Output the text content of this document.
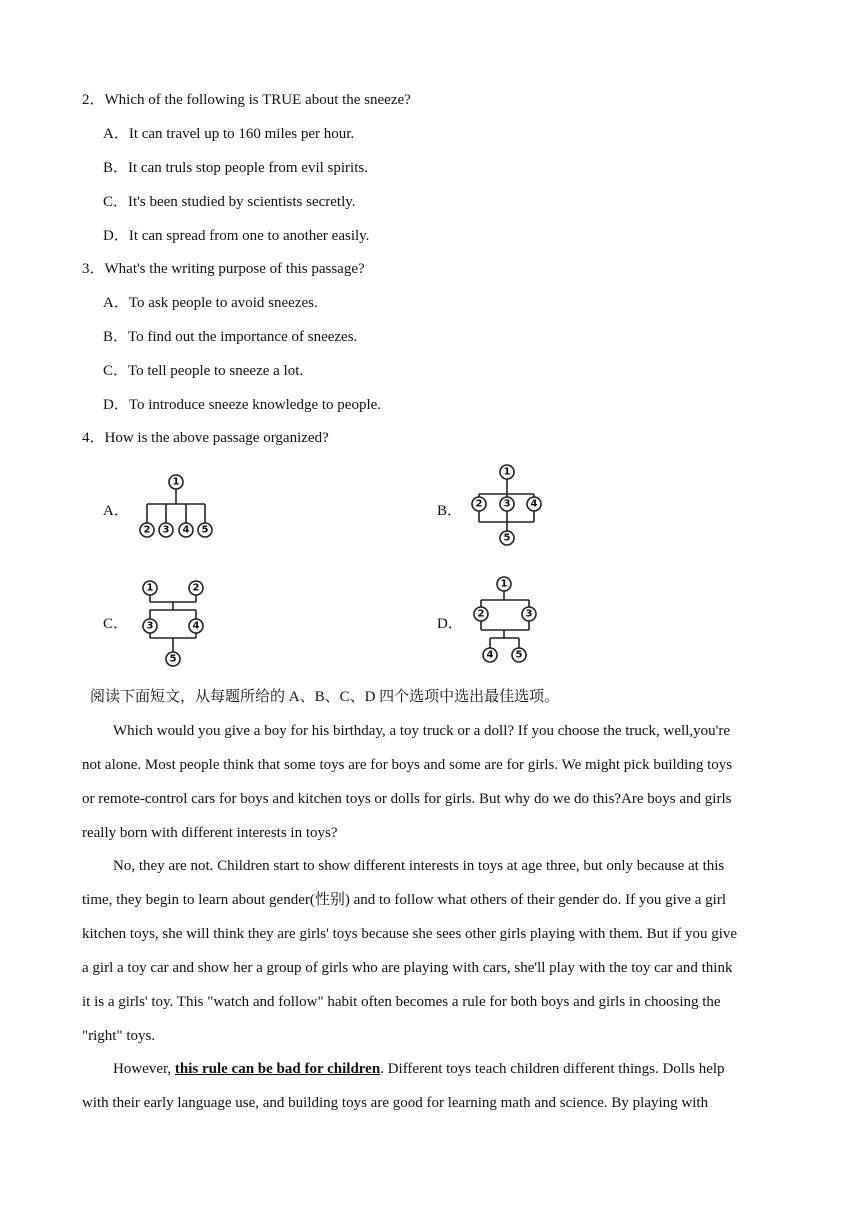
2．Which of the following is TRUE about the sneeze?
A．It can travel up to 160 miles per hour.
B．It can truls stop people from evil spirits.
C．It's been studied by scientists secretly.
D．It can spread from one to another easily.
3．What's the writing purpose of this passage?
A．To ask people to avoid sneezes.
B．To find out the importance of sneezes.
C．To tell people to sneeze a lot.
D．To introduce sneeze knowledge to people.
4．How is the above passage organized?
A．	B．
C．	D．
1
2 3 4 5
1
2 3 4
5
1	2
3	4
5
1
2	3
4 5
阅读下面短文，从每题所给的 A、B、C、D 四个选项中选出最佳选项。
Which would you give a boy for his birthday, a toy truck or a doll? If you choose the truck, well,you're
not alone. Most people think that some toys are for boys and some are for girls. We might pick building toys
or remote-control cars for boys and kitchen toys or dolls for girls. But why do we do this?Are boys and girls
really born with different interests in toys?
No, they are not. Children start to show different interests in toys at age three, but only because at this
time, they begin to learn about gender(性别) and to follow what others of their gender do. If you give a girl
kitchen toys, she will think they are girls' toys because she sees other girls playing with them. But if you give
a girl a toy car and show her a group of girls who are playing with cars, she'll play with the toy car and think
it is a girls' toy. This "watch and follow" habit often becomes a rule for both boys and girls in choosing the
"right" toys.
However, this rule can be bad for children. Different toys teach children different things. Dolls help
with their early language use, and building toys are good for learning math and science. By playing with
